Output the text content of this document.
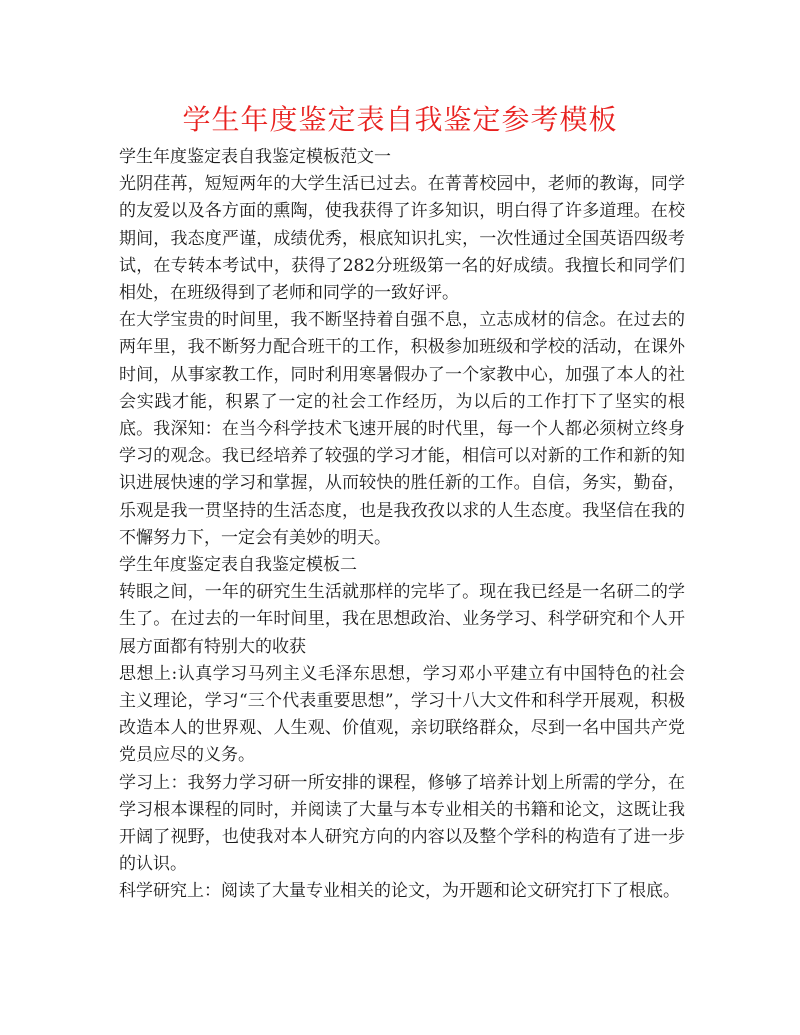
学生年度鉴定表自我鉴定参考模板

学生年度鉴定表自我鉴定模板范文一

光阴荏苒，短短两年的大学生活已过去。在菁菁校园中，老师的教诲，同学的友爱以及各方面的熏陶，使我获得了许多知识，明白得了许多道理。在校期间，我态度严谨，成绩优秀，根底知识扎实，一次性通过全国英语四级考试，在专转本考试中，获得了282分班级第一名的好成绩。我擅长和同学们相处，在班级得到了老师和同学的一致好评。

在大学宝贵的时间里，我不断坚持着自强不息，立志成材的信念。在过去的两年里，我不断努力配合班干的工作，积极参加班级和学校的活动，在课外时间，从事家教工作，同时利用寒暑假办了一个家教中心，加强了本人的社会实践才能，积累了一定的社会工作经历，为以后的工作打下了坚实的根底。我深知：在当今科学技术飞速开展的时代里，每一个人都必须树立终身学习的观念。我已经培养了较强的学习才能，相信可以对新的工作和新的知识进展快速的学习和掌握，从而较快的胜任新的工作。自信，务实，勤奋，乐观是我一贯坚持的生活态度，也是我孜孜以求的人生态度。我坚信在我的不懈努力下，一定会有美妙的明天。

学生年度鉴定表自我鉴定模板二

转眼之间，一年的研究生生活就那样的完毕了。现在我已经是一名研二的学生了。在过去的一年时间里，我在思想政治、业务学习、科学研究和个人开展方面都有特别大的收获

思想上:认真学习马列主义毛泽东思想，学习邓小平建立有中国特色的社会主义理论，学习“三个代表重要思想”，学习十八大文件和科学开展观，积极改造本人的世界观、人生观、价值观，亲切联络群众，尽到一名中国共产党党员应尽的义务。

学习上：我努力学习研一所安排的课程，修够了培养计划上所需的学分，在学习根本课程的同时，并阅读了大量与本专业相关的书籍和论文，这既让我开阔了视野，也使我对本人研究方向的内容以及整个学科的构造有了进一步的认识。

科学研究上：阅读了大量专业相关的论文，为开题和论文研究打下了根底。
